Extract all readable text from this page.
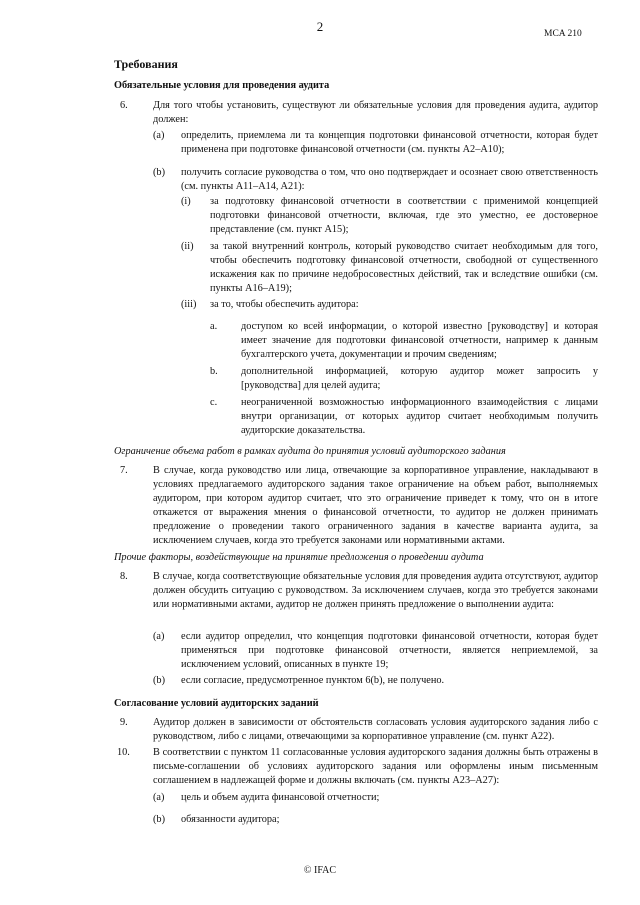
2	MCA 210
Требования
Обязательные условия для проведения аудита
6.	Для того чтобы установить, существуют ли обязательные условия для проведения аудита, аудитор должен:
(a) определить, приемлема ли та концепция подготовки финансовой отчетности, которая будет применена при подготовке финансовой отчетности (см. пункты A2–A10);
(b) получить согласие руководства о том, что оно подтверждает и осознает свою ответственность (см. пункты A11–A14, A21):
(i) за подготовку финансовой отчетности в соответствии с применимой концепцией подготовки финансовой отчетности, включая, где это уместно, ее достоверное представление (см. пункт A15);
(ii) за такой внутренний контроль, который руководство считает необходимым для того, чтобы обеспечить подготовку финансовой отчетности, свободной от существенного искажения как по причине недобросовестных действий, так и вследствие ошибки (см. пункты A16–A19);
(iii) за то, чтобы обеспечить аудитора:
a. доступом ко всей информации, о которой известно [руководству] и которая имеет значение для подготовки финансовой отчетности, например к данным бухгалтерского учета, документации и прочим сведениям;
b. дополнительной информацией, которую аудитор может запросить у [руководства] для целей аудита;
c. неограниченной возможностью информационного взаимодействия с лицами внутри организации, от которых аудитор считает необходимым получить аудиторские доказательства.
Ограничение объема работ в рамках аудита до принятия условий аудиторского задания
7.	В случае, когда руководство или лица, отвечающие за корпоративное управление, накладывают в условиях предлагаемого аудиторского задания такое ограничение на объем работ, выполняемых аудитором, при котором аудитор считает, что это ограничение приведет к тому, что он в итоге откажется от выражения мнения о финансовой отчетности, то аудитор не должен принимать предложение о проведении такого ограниченного задания в качестве варианта аудита, за исключением случаев, когда это требуется законами или нормативными актами.
Прочие факторы, воздействующие на принятие предложения о проведении аудита
8.	В случае, когда соответствующие обязательные условия для проведения аудита отсутствуют, аудитор должен обсудить ситуацию с руководством. За исключением случаев, когда это требуется законами или нормативными актами, аудитор не должен принять предложение о выполнении аудита:
(a) если аудитор определил, что концепция подготовки финансовой отчетности, которая будет применяться при подготовке финансовой отчетности, является неприемлемой, за исключением условий, описанных в пункте 19;
(b) если согласие, предусмотренное пунктом 6(b), не получено.
Согласование условий аудиторских заданий
9.	Аудитор должен в зависимости от обстоятельств согласовать условия аудиторского задания либо с руководством, либо с лицами, отвечающими за корпоративное управление (см. пункт A22).
10.	В соответствии с пунктом 11 согласованные условия аудиторского задания должны быть отражены в письме-соглашении об условиях аудиторского задания или оформлены иным письменным соглашением в надлежащей форме и должны включать (см. пункты A23–A27):
(a) цель и объем аудита финансовой отчетности;
(b) обязанности аудитора;
© IFAC
